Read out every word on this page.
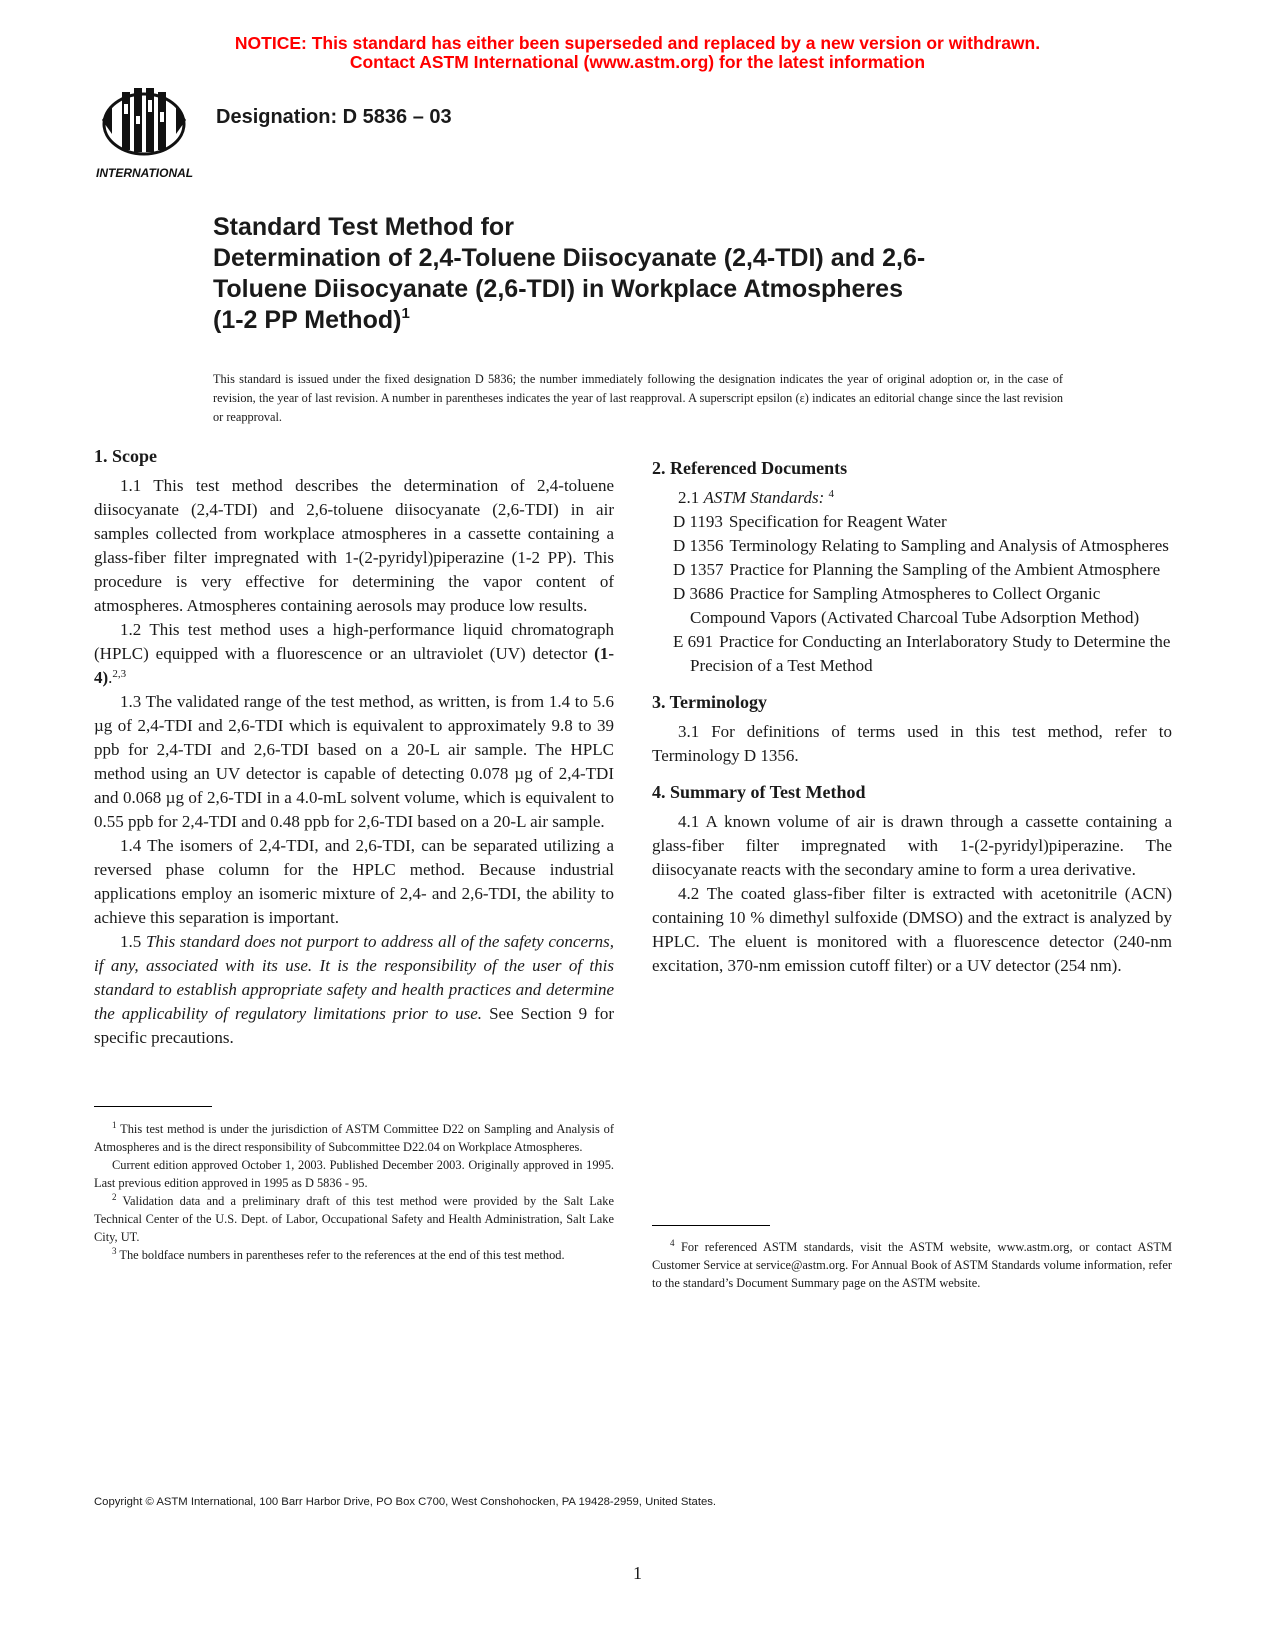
NOTICE: This standard has either been superseded and replaced by a new version or withdrawn.
Contact ASTM International (www.astm.org) for the latest information
INTERNATIONAL
Designation: D 5836 – 03
Standard Test Method for
Determination of 2,4-Toluene Diisocyanate (2,4-TDI) and 2,6-
Toluene Diisocyanate (2,6-TDI) in Workplace Atmospheres
(1-2 PP Method)$^1$
This standard is issued under the fixed designation D 5836; the number immediately following the designation indicates the year of original adoption or, in the case of revision, the year of last revision. A number in parentheses indicates the year of last reapproval. A superscript epsilon (ε) indicates an editorial change since the last revision or reapproval.
1. Scope

1.1 This test method describes the determination of 2,4-toluene diisocyanate (2,4-TDI) and 2,6-toluene diisocyanate (2,6-TDI) in air samples collected from workplace atmospheres in a cassette containing a glass-fiber filter impregnated with 1-(2-pyridyl)piperazine (1-2 PP). This procedure is very effective for determining the vapor content of atmospheres. Atmospheres containing aerosols may produce low results.

1.2 This test method uses a high-performance liquid chromatograph (HPLC) equipped with a fluorescence or an ultraviolet (UV) detector (1-4).$^{2,3}$

1.3 The validated range of the test method, as written, is from 1.4 to 5.6 µg of 2,4-TDI and 2,6-TDI which is equivalent to approximately 9.8 to 39 ppb for 2,4-TDI and 2,6-TDI based on a 20-L air sample. The HPLC method using an UV detector is capable of detecting 0.078 µg of 2,4-TDI and 0.068 µg of 2,6-TDI in a 4.0-mL solvent volume, which is equivalent to 0.55 ppb for 2,4-TDI and 0.48 ppb for 2,6-TDI based on a 20-L air sample.

1.4 The isomers of 2,4-TDI, and 2,6-TDI, can be separated utilizing a reversed phase column for the HPLC method. Because industrial applications employ an isomeric mixture of 2,4- and 2,6-TDI, the ability to achieve this separation is important.

1.5 This standard does not purport to address all of the safety concerns, if any, associated with its use. It is the responsibility of the user of this standard to establish appropriate safety and health practices and determine the applicability of regulatory limitations prior to use. See Section 9 for specific precautions.

$^1$ This test method is under the jurisdiction of ASTM Committee D22 on Sampling and Analysis of Atmospheres and is the direct responsibility of Subcommittee D22.04 on Workplace Atmospheres.

Current edition approved October 1, 2003. Published December 2003. Originally approved in 1995. Last previous edition approved in 1995 as D 5836 - 95.

$^2$ Validation data and a preliminary draft of this test method were provided by the Salt Lake Technical Center of the U.S. Dept. of Labor, Occupational Safety and Health Administration, Salt Lake City, UT.

$^3$ The boldface numbers in parentheses refer to the references at the end of this test method.

2. Referenced Documents

2.1 ASTM Standards: $^4$

D 1193 Specification for Reagent Water

D 1356 Terminology Relating to Sampling and Analysis of Atmospheres

D 1357 Practice for Planning the Sampling of the Ambient Atmosphere

D 3686 Practice for Sampling Atmospheres to Collect Organic Compound Vapors (Activated Charcoal Tube Adsorption Method)

E 691 Practice for Conducting an Interlaboratory Study to Determine the Precision of a Test Method

3. Terminology

3.1 For definitions of terms used in this test method, refer to Terminology D 1356.

4. Summary of Test Method

4.1 A known volume of air is drawn through a cassette containing a glass-fiber filter impregnated with 1-(2-pyridyl)piperazine. The diisocyanate reacts with the secondary amine to form a urea derivative.

4.2 The coated glass-fiber filter is extracted with acetonitrile (ACN) containing 10 % dimethyl sulfoxide (DMSO) and the extract is analyzed by HPLC. The eluent is monitored with a fluorescence detector (240-nm excitation, 370-nm emission cutoff filter) or a UV detector (254 nm).

$^4$ For referenced ASTM standards, visit the ASTM website, www.astm.org, or contact ASTM Customer Service at service@astm.org. For Annual Book of ASTM Standards volume information, refer to the standard’s Document Summary page on the ASTM website.

Copyright © ASTM International, 100 Barr Harbor Drive, PO Box C700, West Conshohocken, PA 19428-2959, United States.
1
